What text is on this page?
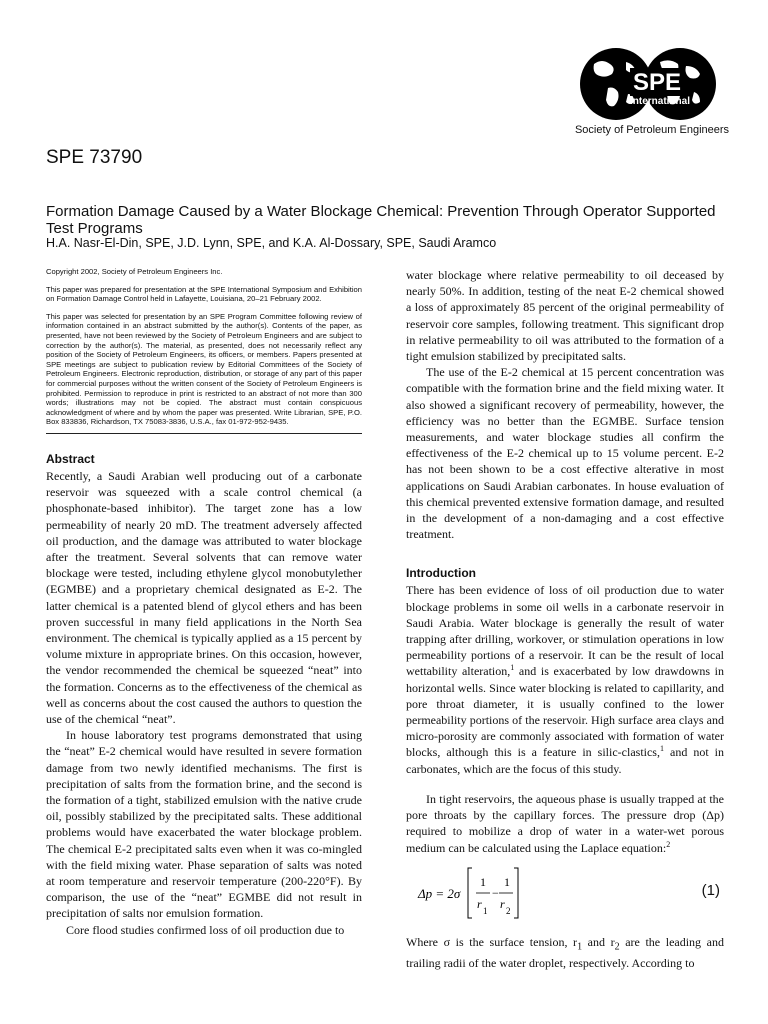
SPE
International
Society of Petroleum Engineers
SPE 73790
Formation Damage Caused by a Water Blockage Chemical: Prevention Through Operator Supported Test Programs
H.A. Nasr-El-Din, SPE, J.D. Lynn, SPE, and K.A. Al-Dossary, SPE, Saudi Aramco

Copyright 2002, Society of Petroleum Engineers Inc.

This paper was prepared for presentation at the SPE International Symposium and Exhibition on Formation Damage Control held in Lafayette, Louisiana, 20–21 February 2002.

This paper was selected for presentation by an SPE Program Committee following review of information contained in an abstract submitted by the author(s). Contents of the paper, as presented, have not been reviewed by the Society of Petroleum Engineers and are subject to correction by the author(s). The material, as presented, does not necessarily reflect any position of the Society of Petroleum Engineers, its officers, or members. Papers presented at SPE meetings are subject to publication review by Editorial Committees of the Society of Petroleum Engineers. Electronic reproduction, distribution, or storage of any part of this paper for commercial purposes without the written consent of the Society of Petroleum Engineers is prohibited. Permission to reproduce in print is restricted to an abstract of not more than 300 words; illustrations may not be copied. The abstract must contain conspicuous acknowledgment of where and by whom the paper was presented. Write Librarian, SPE, P.O. Box 833836, Richardson, TX 75083-3836, U.S.A., fax 01-972-952-9435.

Abstract

Recently, a Saudi Arabian well producing out of a carbonate reservoir was squeezed with a scale control chemical (a phosphonate-based inhibitor). The target zone has a low permeability of nearly 20 mD. The treatment adversely affected oil production, and the damage was attributed to water blockage after the treatment. Several solvents that can remove water blockage were tested, including ethylene glycol monobutylether (EGMBE) and a proprietary chemical designated as E-2. The latter chemical is a patented blend of glycol ethers and has been proven successful in many field applications in the North Sea environment. The chemical is typically applied as a 15 percent by volume mixture in appropriate brines. On this occasion, however, the vendor recommended the chemical be squeezed “neat” into the formation. Concerns as to the effectiveness of the chemical as well as concerns about the cost caused the authors to question the use of the chemical “neat”.

In house laboratory test programs demonstrated that using the “neat” E-2 chemical would have resulted in severe formation damage from two newly identified mechanisms. The first is precipitation of salts from the formation brine, and the second is the formation of a tight, stabilized emulsion with the native crude oil, possibly stabilized by the precipitated salts. These additional problems would have exacerbated the water blockage problem. The chemical E-2 precipitated salts even when it was co-mingled with the field mixing water. Phase separation of salts was noted at room temperature and reservoir temperature (200-220°F). By comparison, the use of the “neat” EGMBE did not result in precipitation of salts nor emulsion formation.

Core flood studies confirmed loss of oil production due to

water blockage where relative permeability to oil deceased by nearly 50%. In addition, testing of the neat E-2 chemical showed a loss of approximately 85 percent of the original permeability of reservoir core samples, following treatment. This significant drop in relative permeability to oil was attributed to the formation of a tight emulsion stabilized by precipitated salts.

The use of the E-2 chemical at 15 percent concentration was compatible with the formation brine and the field mixing water. It also showed a significant recovery of permeability, however, the efficiency was no better than the EGMBE. Surface tension measurements, and water blockage studies all confirm the effectiveness of the E-2 chemical up to 15 volume percent. E-2 has not been shown to be a cost effective alterative in most applications on Saudi Arabian carbonates. In house evaluation of this chemical prevented extensive formation damage, and resulted in the development of a non-damaging and a cost effective treatment.

Introduction

There has been evidence of loss of oil production due to water blockage problems in some oil wells in a carbonate reservoir in Saudi Arabia. Water blockage is generally the result of water trapping after drilling, workover, or stimulation operations in low permeability portions of a reservoir. It can be the result of local wettability alteration,$^1$ and is exacerbated by low drawdowns in horizontal wells. Since water blocking is related to capillarity, and pore throat diameter, it is usually confined to the lower permeability portions of the reservoir. High surface area clays and micro-porosity are commonly associated with formation of water blocks, although this is a feature in silic-clastics,$^1$ and not in carbonates, which are the focus of this study.

In tight reservoirs, the aqueous phase is usually trapped at the pore throats by the capillary forces. The pressure drop (Δp) required to mobilize a drop of water in a water-wet porous medium can be calculated using the Laplace equation:$^2$

Δp = 2σ
1 1
−
r 1 r 2
(1)

Where σ is the surface tension, $r_1$ and $r_2$ are the leading and trailing radii of the water droplet, respectively. According to
